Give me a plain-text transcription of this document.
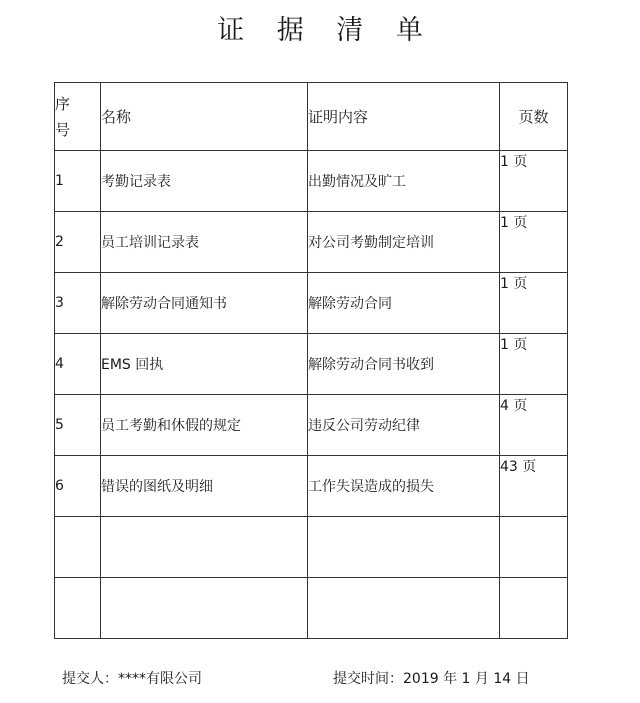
证 据 清 单
序
号	名称	证明内容	页数
1	考勤记录表	出勤情况及旷工	1 页
2	员工培训记录表	对公司考勤制定培训	1 页
3	解除劳动合同通知书	解除劳动合同	1 页
4	EMS 回执	解除劳动合同书收到	1 页
5	员工考勤和休假的规定	违反公司劳动纪律	4 页
6	错误的图纸及明细	工作失误造成的损失	43 页

提交人：****有限公司	提交时间：2019 年 1 月 14 日
